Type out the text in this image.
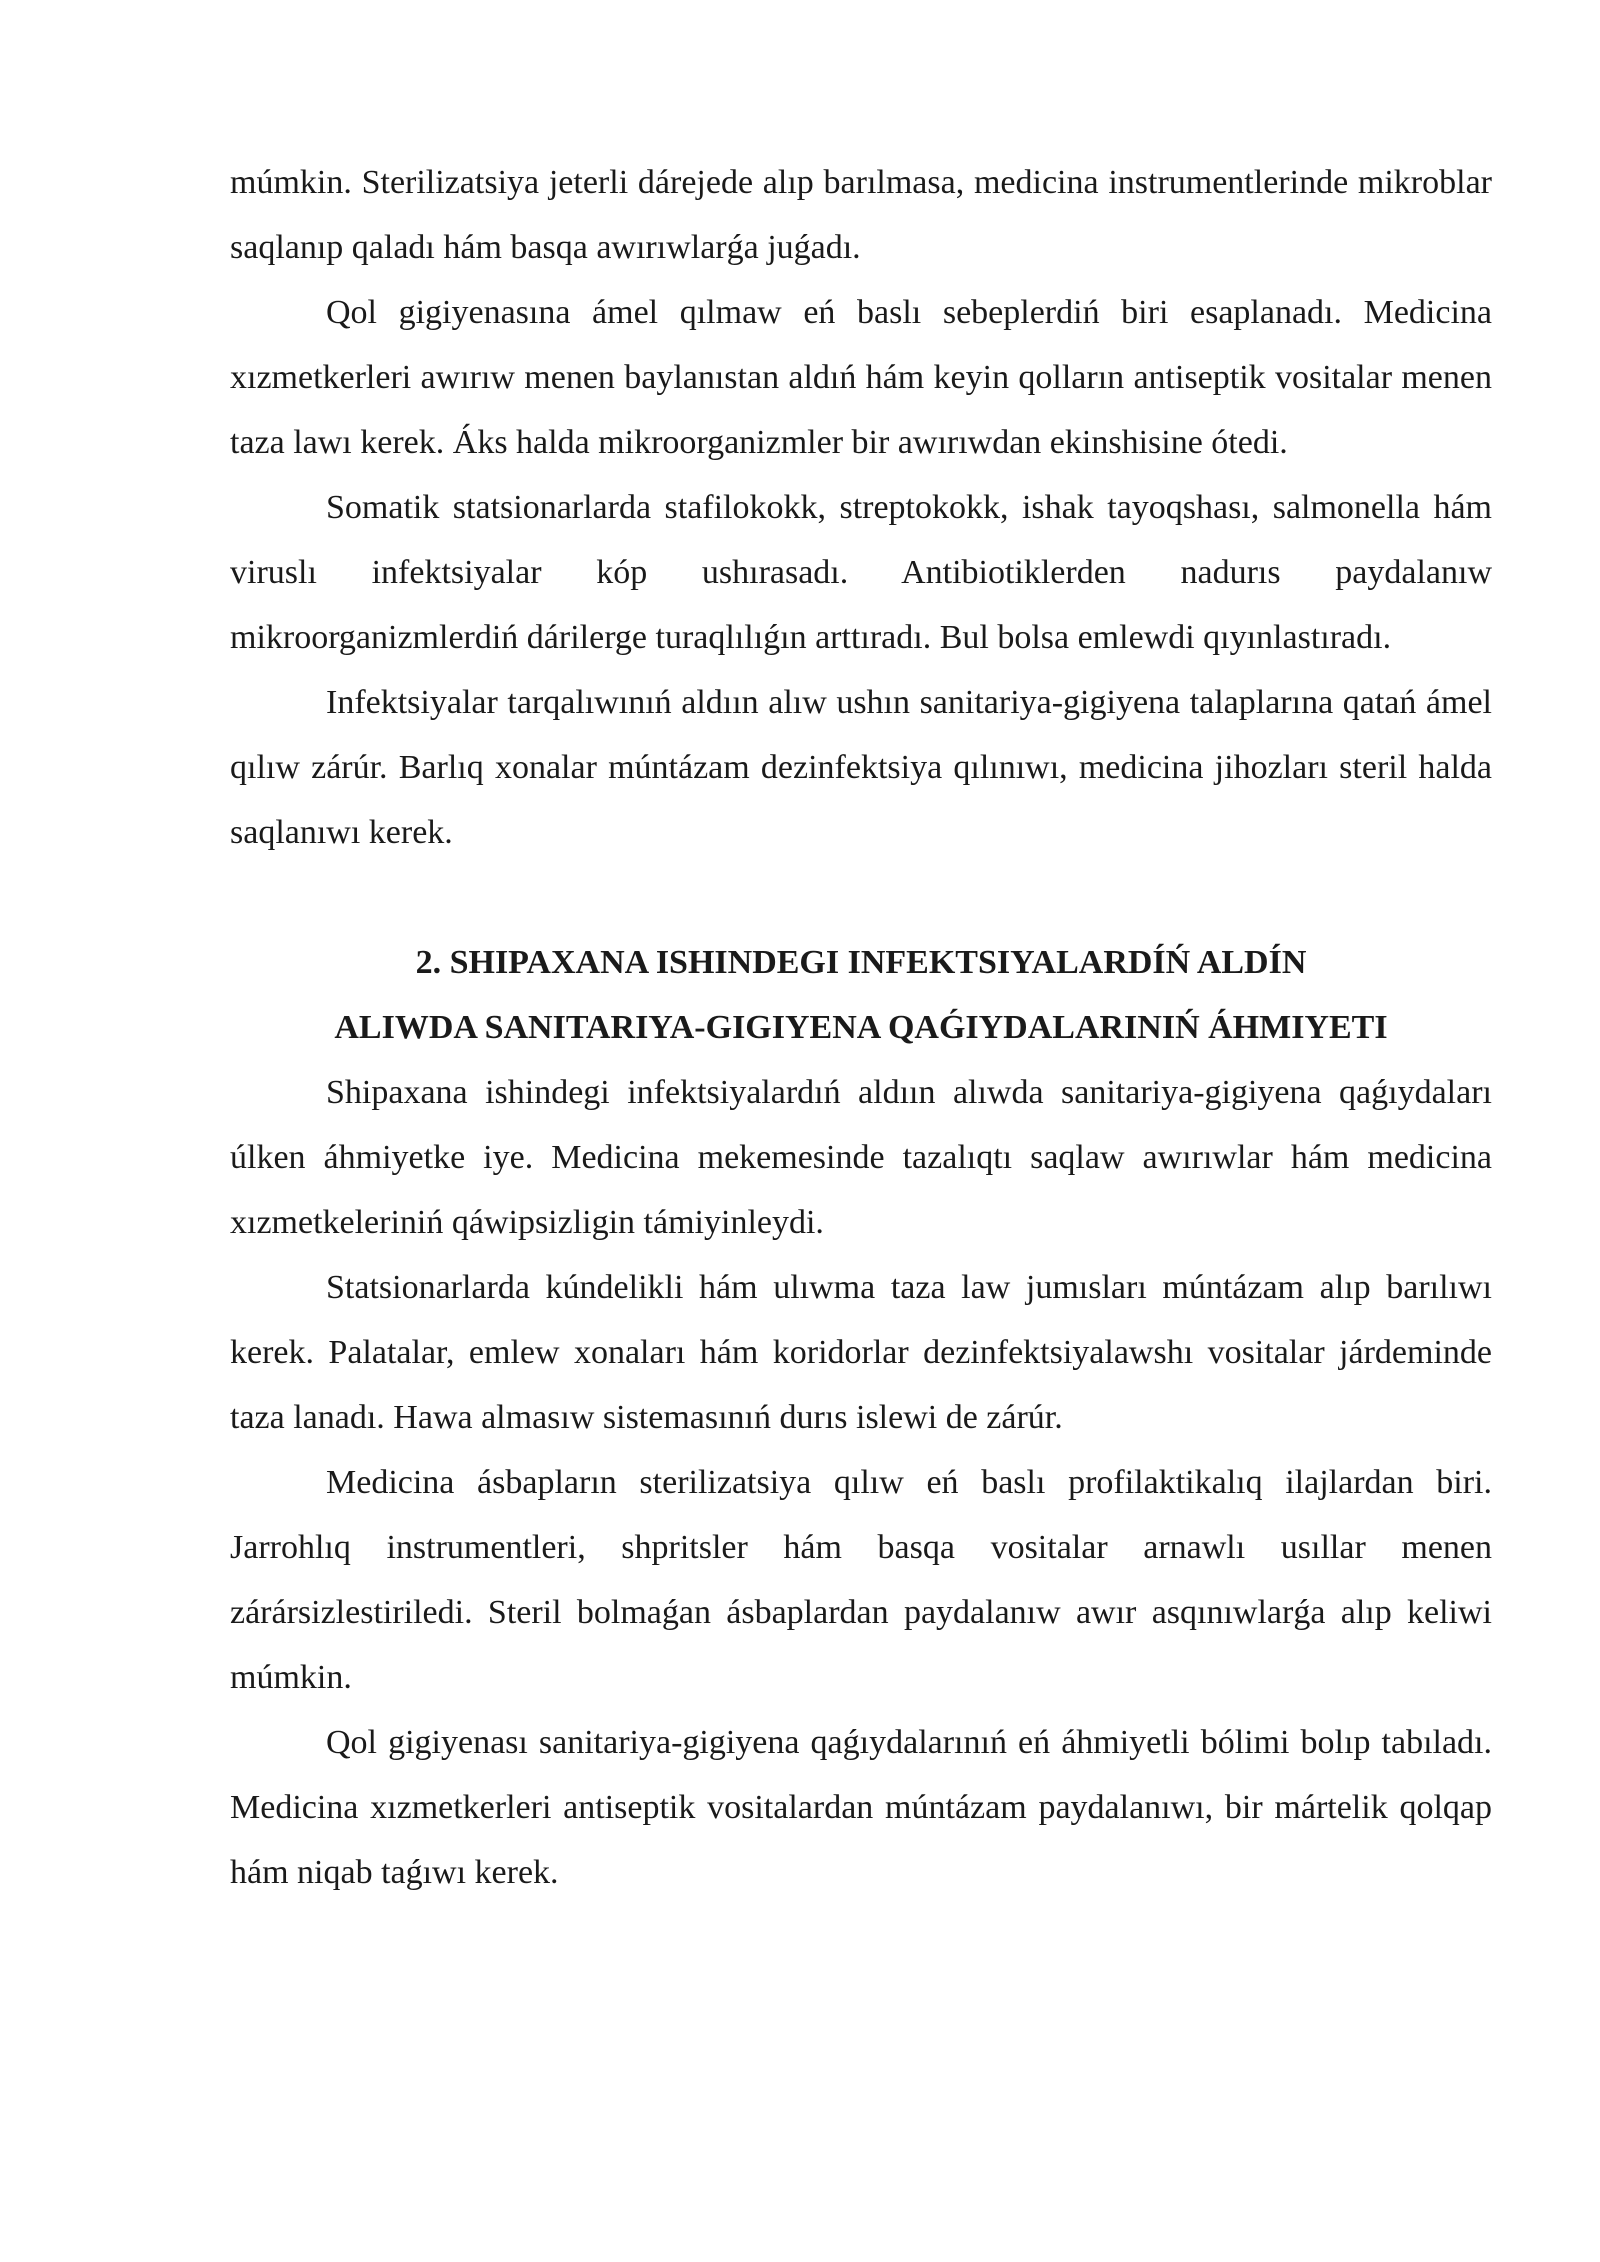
múmkin. Sterilizatsiya jeterli dárejede alıp barılmasa, medicina instrumentlerinde mikroblar saqlanıp qaladı hám basqa awırıwlarǵa juǵadı.

Qol gigiyenasına ámel qılmaw eń baslı sebeplerdiń biri esaplanadı. Medicina xızmetkerleri awırıw menen baylanıstan aldıń hám keyin qolların antiseptik vositalar menen taza lawı kerek. Áks halda mikroorganizmler bir awırıwdan ekinshisine ótedi.

Somatik statsionarlarda stafilokokk, streptokokk, ishak tayoqshası, salmonella hám viruslı infektsiyalar kóp ushırasadı. Antibiotiklerden nadurıs paydalanıw mikroorganizmlerdiń dárilerge turaqlılıǵın arttıradı. Bul bolsa emlewdi qıyınlastıradı.

Infektsiyalar tarqalıwınıń aldıın alıw ushın sanitariya-gigiyena talaplarına qatań ámel qılıw zárúr. Barlıq xonalar múntázam dezinfektsiya qılınıwı, medicina jihozları steril halda saqlanıwı kerek.

2. SHIPAXANA ISHINDEGI INFEKTSIYALARDÍŃ ALDÍN
ALIWDA SANITARIYA-GIGIYENA QAǴIYDALARINIŃ ÁHMIYETI

Shipaxana ishindegi infektsiyalardıń aldıın alıwda sanitariya-gigiyena qaǵıydaları úlken áhmiyetke iye. Medicina mekemesinde tazalıqtı saqlaw awırıwlar hám medicina xızmetkeleriniń qáwipsizligin támiyinleydi.

Statsionarlarda kúndelikli hám ulıwma taza law jumısları múntázam alıp barılıwı kerek. Palatalar, emlew xonaları hám koridorlar dezinfektsiyalawshı vositalar járdeminde taza lanadı. Hawa almasıw sistemasınıń durıs islewi de zárúr.

Medicina ásbapların sterilizatsiya qılıw eń baslı profilaktikalıq ilajlardan biri. Jarrohlıq instrumentleri, shpritsler hám basqa vositalar arnawlı usıllar menen zárársizlestiriledi. Steril bolmaǵan ásbaplardan paydalanıw awır asqınıwlarǵa alıp keliwi múmkin.

Qol gigiyenası sanitariya-gigiyena qaǵıydalarınıń eń áhmiyetli bólimi bolıp tabıladı. Medicina xızmetkerleri antiseptik vositalardan múntázam paydalanıwı, bir mártelik qolqap hám niqab taǵıwı kerek.
